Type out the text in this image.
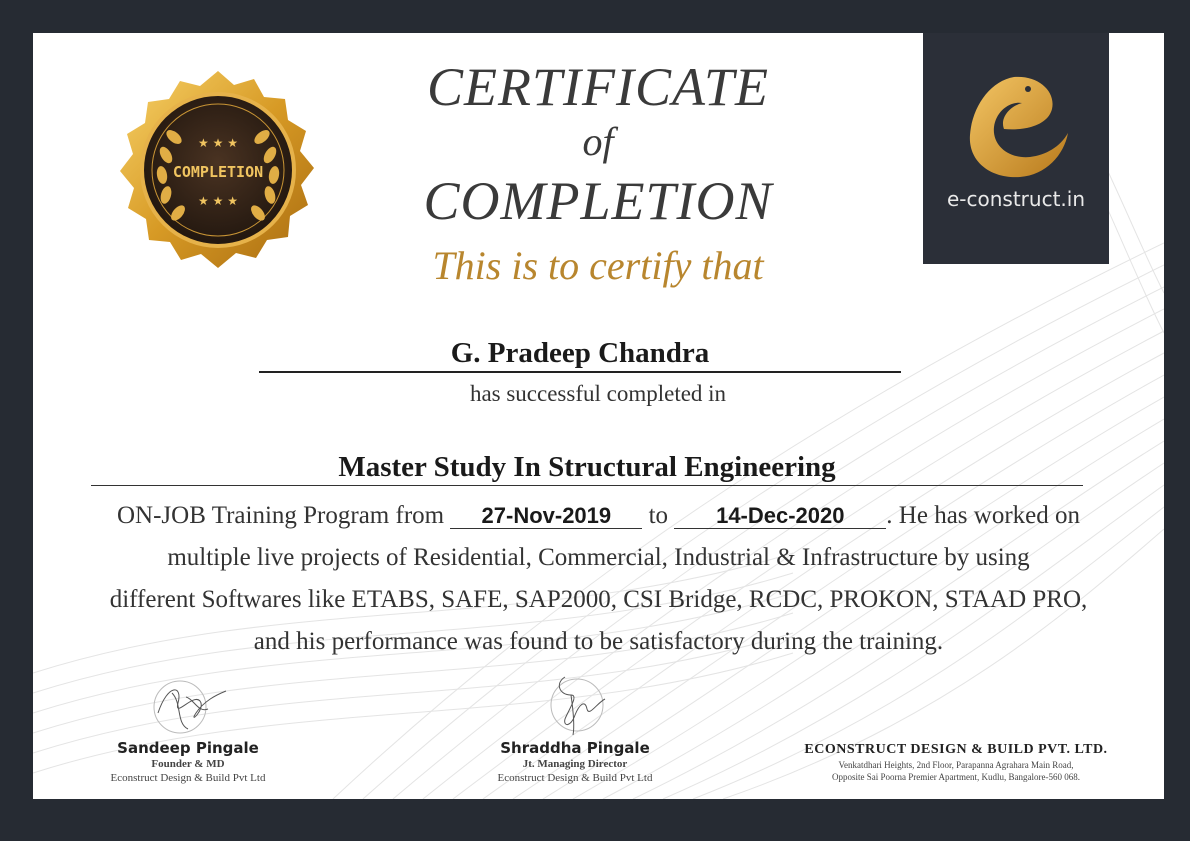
★ ★ ★
★ ★ ★
COMPLETION
CERTIFICATE
of
COMPLETION
This is to certify that
e-construct.in
G. Pradeep Chandra
has successful completed in
Master Study In Structural Engineering
ON-JOB Training Program from 27-Nov-2019 to 14-Dec-2020 . He has worked on
multiple live projects of Residential, Commercial, Industrial & Infrastructure by using
different Softwares like ETABS, SAFE, SAP2000, CSI Bridge, RCDC, PROKON, STAAD PRO,
and his performance was found to be satisfactory during the training.
Sandeep Pingale
Founder & MD
Econstruct Design & Build Pvt Ltd
Shraddha Pingale
Jt. Managing Director
Econstruct Design & Build Pvt Ltd
ECONSTRUCT DESIGN & BUILD PVT. LTD.
Venkatdhari Heights, 2nd Floor, Parapanna Agrahara Main Road,
Opposite Sai Poorna Premier Apartment, Kudlu, Bangalore-560 068.
